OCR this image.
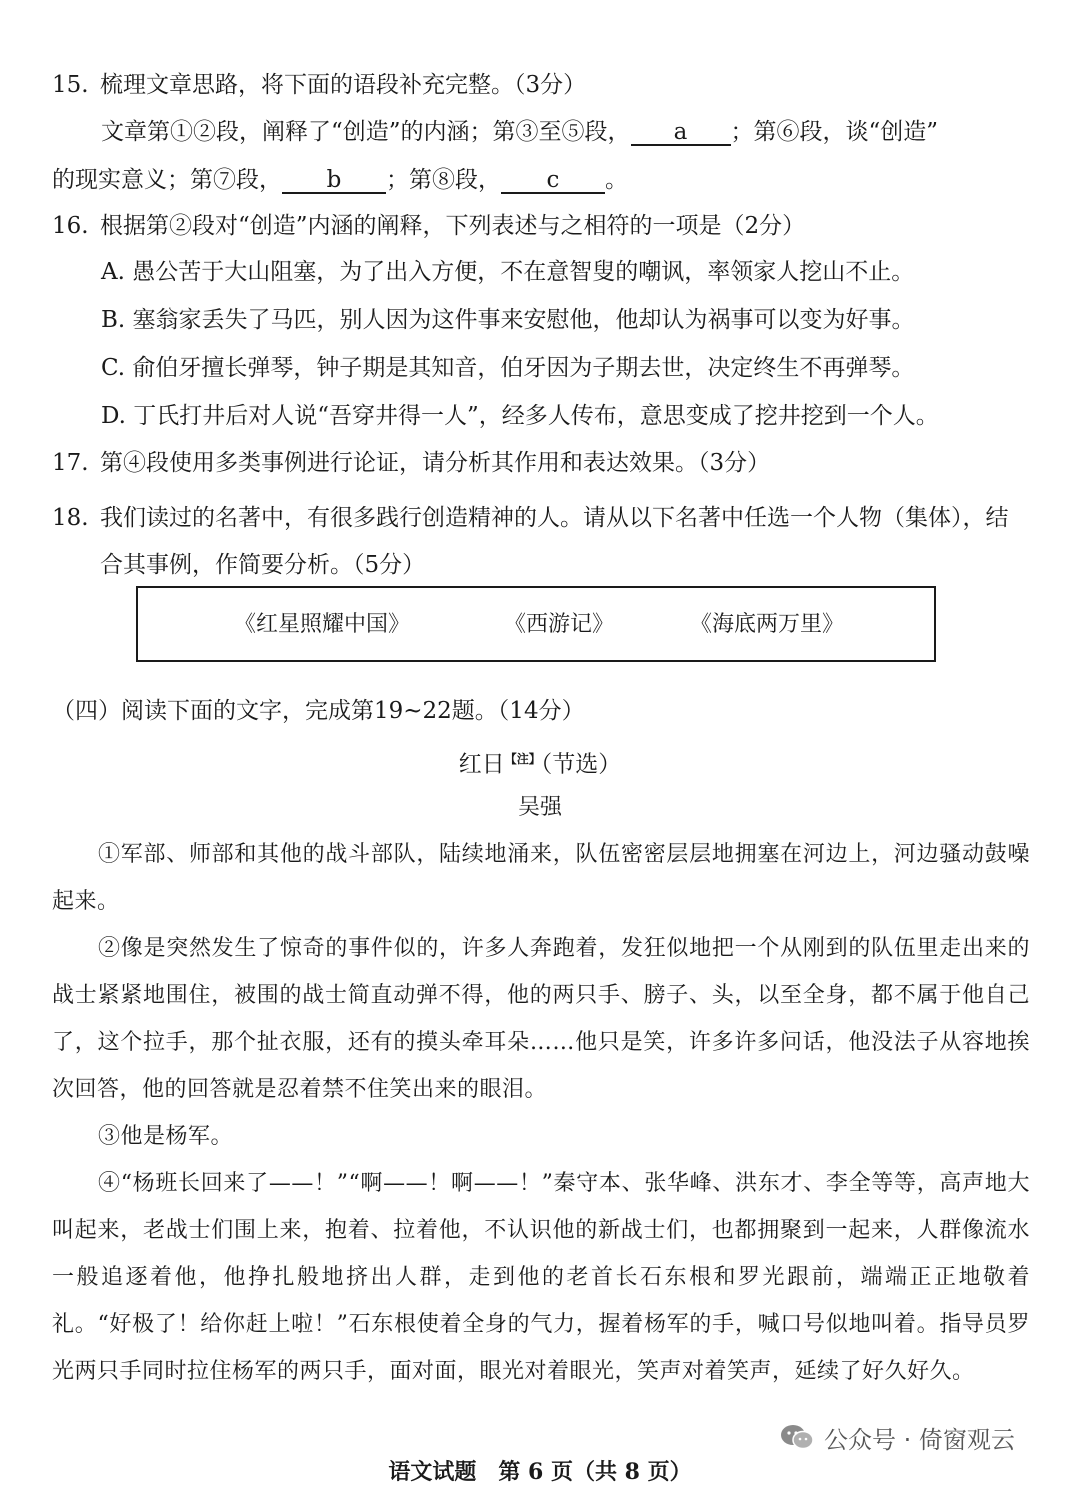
15. 梳理文章思路，将下面的语段补充完整。（3分）
文章第①②段，阐释了“创造”的内涵；第③至⑤段， a ；第⑥段，谈“创造”
的现实意义；第⑦段， b ；第⑧段， c 。
16. 根据第②段对“创造”内涵的阐释，下列表述与之相符的一项是（2分）
A. 愚公苦于大山阻塞，为了出入方便，不在意智叟的嘲讽，率领家人挖山不止。
B. 塞翁家丢失了马匹，别人因为这件事来安慰他，他却认为祸事可以变为好事。
C. 俞伯牙擅长弹琴，钟子期是其知音，伯牙因为子期去世，决定终生不再弹琴。
D. 丁氏打井后对人说“吾穿井得一人”，经多人传布，意思变成了挖井挖到一个人。
17. 第④段使用多类事例进行论证，请分析其作用和表达效果。（3分）
18. 我们读过的名著中，有很多践行创造精神的人。请从以下名著中任选一个人物（集体），结合其事例，作简要分析。（5分）
《红星照耀中国》	《西游记》	《海底两万里》
（四）阅读下面的文字，完成第19~22题。（14分）
红日$^{【注】}$（节选）
吴强
①军部、师部和其他的战斗部队，陆续地涌来，队伍密密层层地拥塞在河边上，河边骚动鼓噪起来。
②像是突然发生了惊奇的事件似的，许多人奔跑着，发狂似地把一个从刚到的队伍里走出来的战士紧紧地围住，被围的战士简直动弹不得，他的两只手、膀子、头，以至全身，都不属于他自己了，这个拉手，那个扯衣服，还有的摸头牵耳朵……他只是笑，许多许多问话，他没法子从容地挨次回答，他的回答就是忍着禁不住笑出来的眼泪。
③他是杨军。
④“杨班长回来了——！”“啊——！啊——！”秦守本、张华峰、洪东才、李全等等，高声地大叫起来，老战士们围上来，抱着、拉着他，不认识他的新战士们，也都拥聚到一起来，人群像流水一般追逐着他，他挣扎般地挤出人群，走到他的老首长石东根和罗光跟前，端端正正地敬着礼。“好极了！给你赶上啦！”石东根使着全身的气力，握着杨军的手，喊口号似地叫着。指导员罗光两只手同时拉住杨军的两只手，面对面，眼光对着眼光，笑声对着笑声，延续了好久好久。
公众号 · 倚窗观云
语文试题　第 6 页（共 8 页）
